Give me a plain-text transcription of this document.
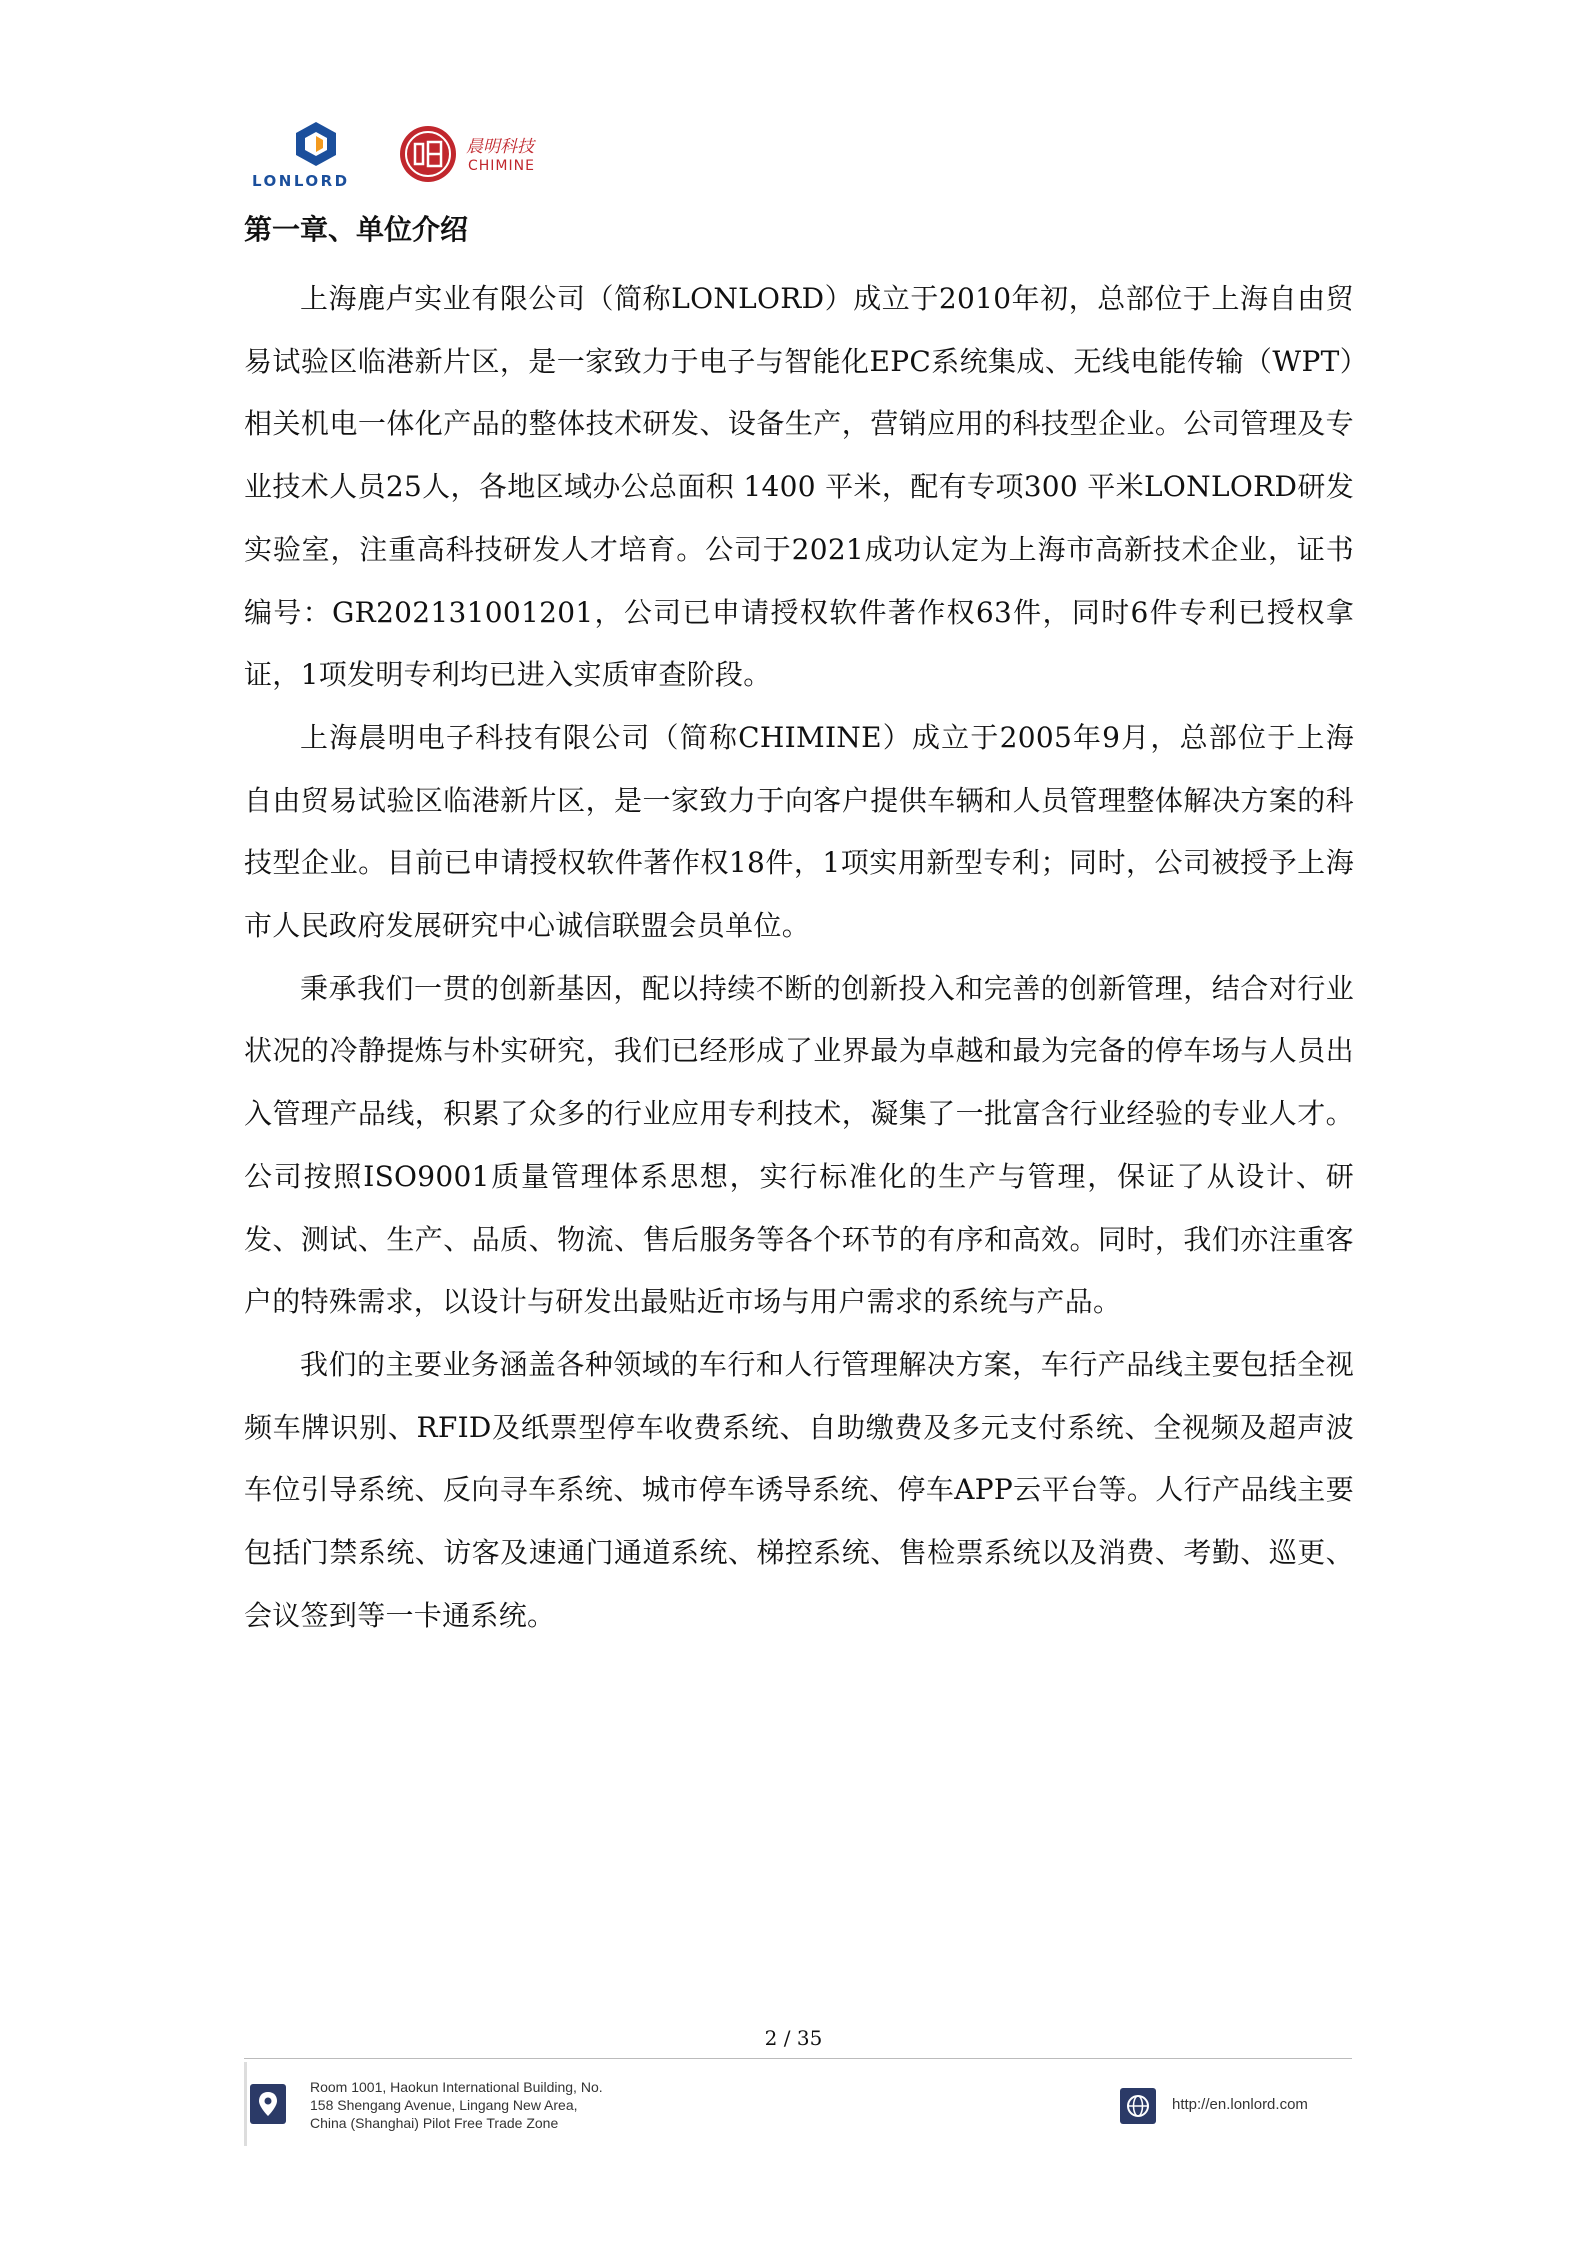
LONLORD
晨明科技
CHIMINE
第一章、单位介绍

上海鹿卢实业有限公司（简称LONLORD）成立于2010年初，总部位于上海自由贸易试验区临港新片区，是一家致力于电子与智能化EPC系统集成、无线电能传输（WPT）相关机电一体化产品的整体技术研发、设备生产，营销应用的科技型企业。公司管理及专业技术人员25人，各地区域办公总面积 1400 平米，配有专项300 平米LONLORD研发实验室，注重高科技研发人才培育。公司于2021成功认定为上海市高新技术企业，证书编号：GR202131001201，公司已申请授权软件著作权63件，同时6件专利已授权拿证，1项发明专利均已进入实质审查阶段。

上海晨明电子科技有限公司（简称CHIMINE）成立于2005年9月，总部位于上海自由贸易试验区临港新片区，是一家致力于向客户提供车辆和人员管理整体解决方案的科技型企业。目前已申请授权软件著作权18件，1项实用新型专利；同时，公司被授予上海市人民政府发展研究中心诚信联盟会员单位。

秉承我们一贯的创新基因，配以持续不断的创新投入和完善的创新管理，结合对行业状况的冷静提炼与朴实研究，我们已经形成了业界最为卓越和最为完备的停车场与人员出入管理产品线，积累了众多的行业应用专利技术，凝集了一批富含行业经验的专业人才。公司按照ISO9001质量管理体系思想，实行标准化的生产与管理，保证了从设计、研发、测试、生产、品质、物流、售后服务等各个环节的有序和高效。同时，我们亦注重客户的特殊需求，以设计与研发出最贴近市场与用户需求的系统与产品。

我们的主要业务涵盖各种领域的车行和人行管理解决方案，车行产品线主要包括全视频车牌识别、RFID及纸票型停车收费系统、自助缴费及多元支付系统、全视频及超声波车位引导系统、反向寻车系统、城市停车诱导系统、停车APP云平台等。人行产品线主要包括门禁系统、访客及速通门通道系统、梯控系统、售检票系统以及消费、考勤、巡更、会议签到等一卡通系统。

2 / 35
Room 1001, Haokun International Building, No.
158 Shengang Avenue, Lingang New Area,
China (Shanghai) Pilot Free Trade Zone
http://en.lonlord.com
